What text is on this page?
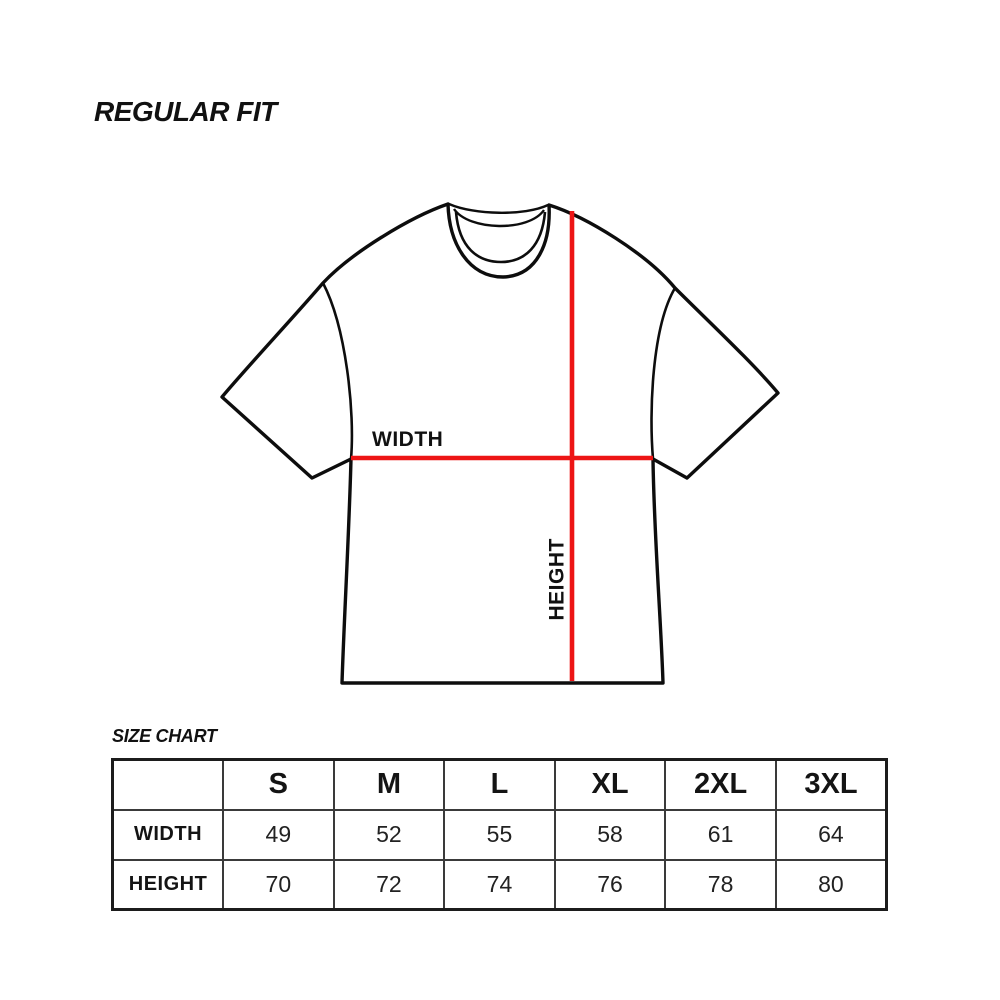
REGULAR FIT
WIDTH
HEIGHT
SIZE CHART
	S	M	L	XL	2XL	3XL
WIDTH	49	52	55	58	61	64
HEIGHT	70	72	74	76	78	80
